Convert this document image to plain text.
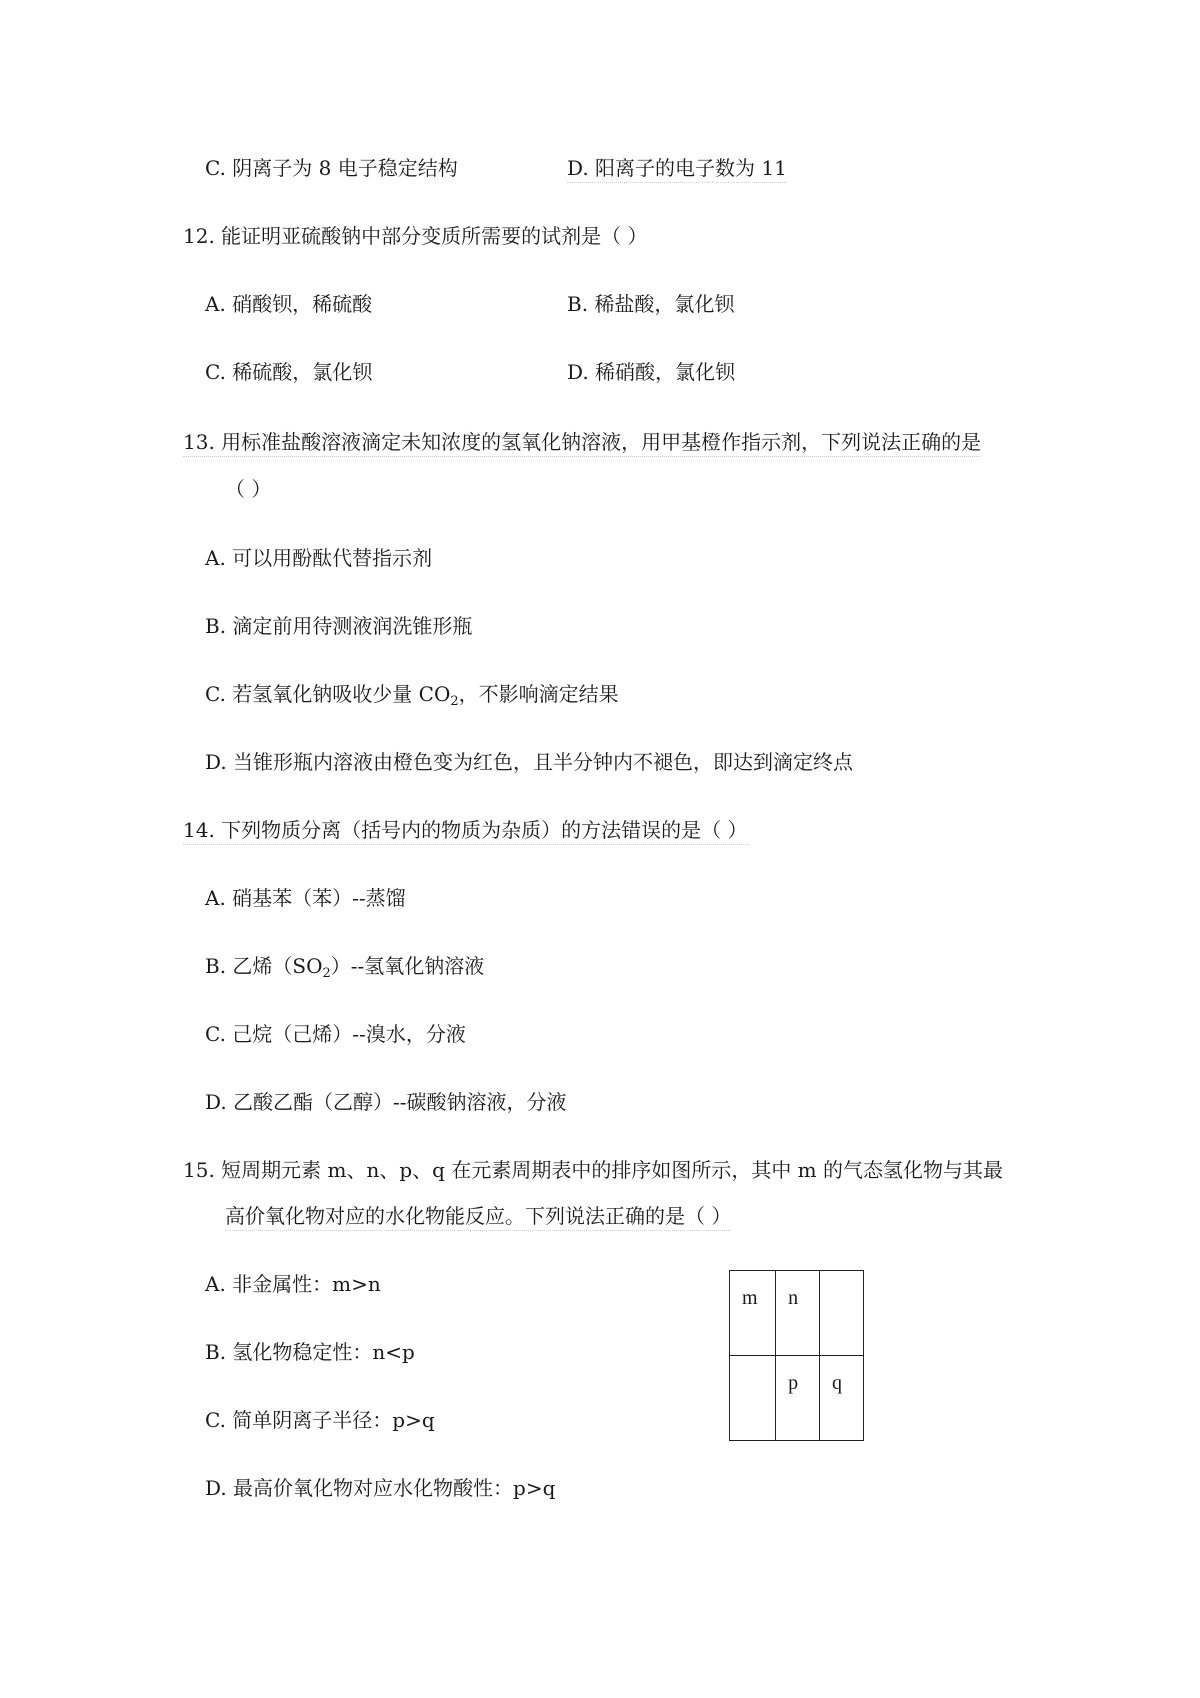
C. 阴离子为 8 电子稳定结构	D. 阳离子的电子数为 11
12. 能证明亚硫酸钠中部分变质所需要的试剂是（ ）
A. 硝酸钡，稀硫酸	B. 稀盐酸，氯化钡
C. 稀硫酸，氯化钡	D. 稀硝酸，氯化钡
13. 用标准盐酸溶液滴定未知浓度的氢氧化钠溶液，用甲基橙作指示剂，下列说法正确的是
（ ）
A. 可以用酚酞代替指示剂
B. 滴定前用待测液润洗锥形瓶
C. 若氢氧化钠吸收少量 $CO_2$，不影响滴定结果
D. 当锥形瓶内溶液由橙色变为红色，且半分钟内不褪色，即达到滴定终点
14. 下列物质分离（括号内的物质为杂质）的方法错误的是（ ）
A. 硝基苯（苯）--蒸馏
B. 乙烯$(SO_2)--$氢氧化钠溶液
C. 己烷（己烯）--溴水，分液
D. 乙酸乙酯（乙醇）--碳酸钠溶液，分液
15. 短周期元素 m、n、p、q 在元素周期表中的排序如图所示，其中 m 的气态氢化物与其最
高价氧化物对应的水化物能反应。下列说法正确的是（ ）
A. 非金属性：m>n
B. 氢化物稳定性：n<p
C. 简单阴离子半径：p>q
D. 最高价氧化物对应水化物酸性：p>q
m	n	
	p	q
